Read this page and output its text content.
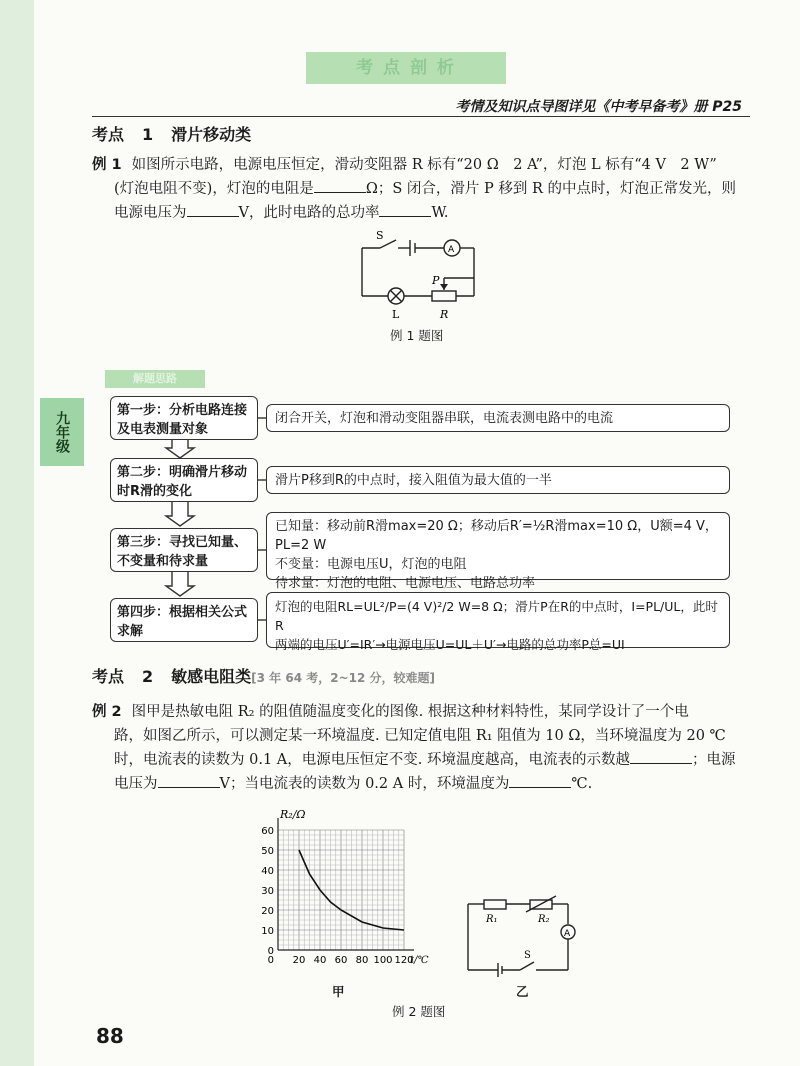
九年级
考 点 剖 析
考情及知识点导图详见《中考早备考》册 P25
考点 1 滑片移动类
例 1 如图所示电路，电源电压恒定，滑动变阻器 R 标有“20 Ω　2 A”，灯泡 L 标有“4 V　2 W”
(灯泡电阻不变)，灯泡的电阻是	Ω；S 闭合，滑片 P 移到 R 的中点时，灯泡正常发光，则
电源电压为	V，此时电路的总功率	W.
S
A
P
L	R
例 1 题图
解题思路
第一步：分析电路连接及电表测量对象
闭合开关，灯泡和滑动变阻器串联，电流表测电路中的电流
第二步：明确滑片移动时R滑的变化
滑片P移到R的中点时，接入阻值为最大值的一半
第三步：寻找已知量、不变量和待求量
已知量：移动前R滑max=20 Ω；移动后R′=½R滑max=10 Ω，U额=4 V，PL=2 W
不变量：电源电压U，灯泡的电阻
待求量：灯泡的电阻、电源电压、电路总功率
第四步：根据相关公式求解
灯泡的电阻RL=UL²/P=(4 V)²/2 W=8 Ω；滑片P在R的中点时，I=PL/UL，此时R
两端的电压U′=IR′→电源电压U=UL＋U′→电路的总功率P总=UI
考点 2 敏感电阻类[3 年 64 考，2~12 分，较难题]
例 2 图甲是热敏电阻 R₂ 的阻值随温度变化的图像. 根据这种材料特性，某同学设计了一个电
路，如图乙所示，可以测定某一环境温度. 已知定值电阻 R₁ 阻值为 10 Ω，当环境温度为 20 ℃
时，电流表的读数为 0.1 A，电源电压恒定不变. 环境温度越高，电流表的示数越	；电源
电压为	V；当电流表的读数为 0.2 A 时，环境温度为	℃.
0
10
20
30
40
50
60
20 40 60 80 100 120
0
R₂/Ω
t/℃
甲
R₁	R₂
A
S
乙
例 2 题图
88
